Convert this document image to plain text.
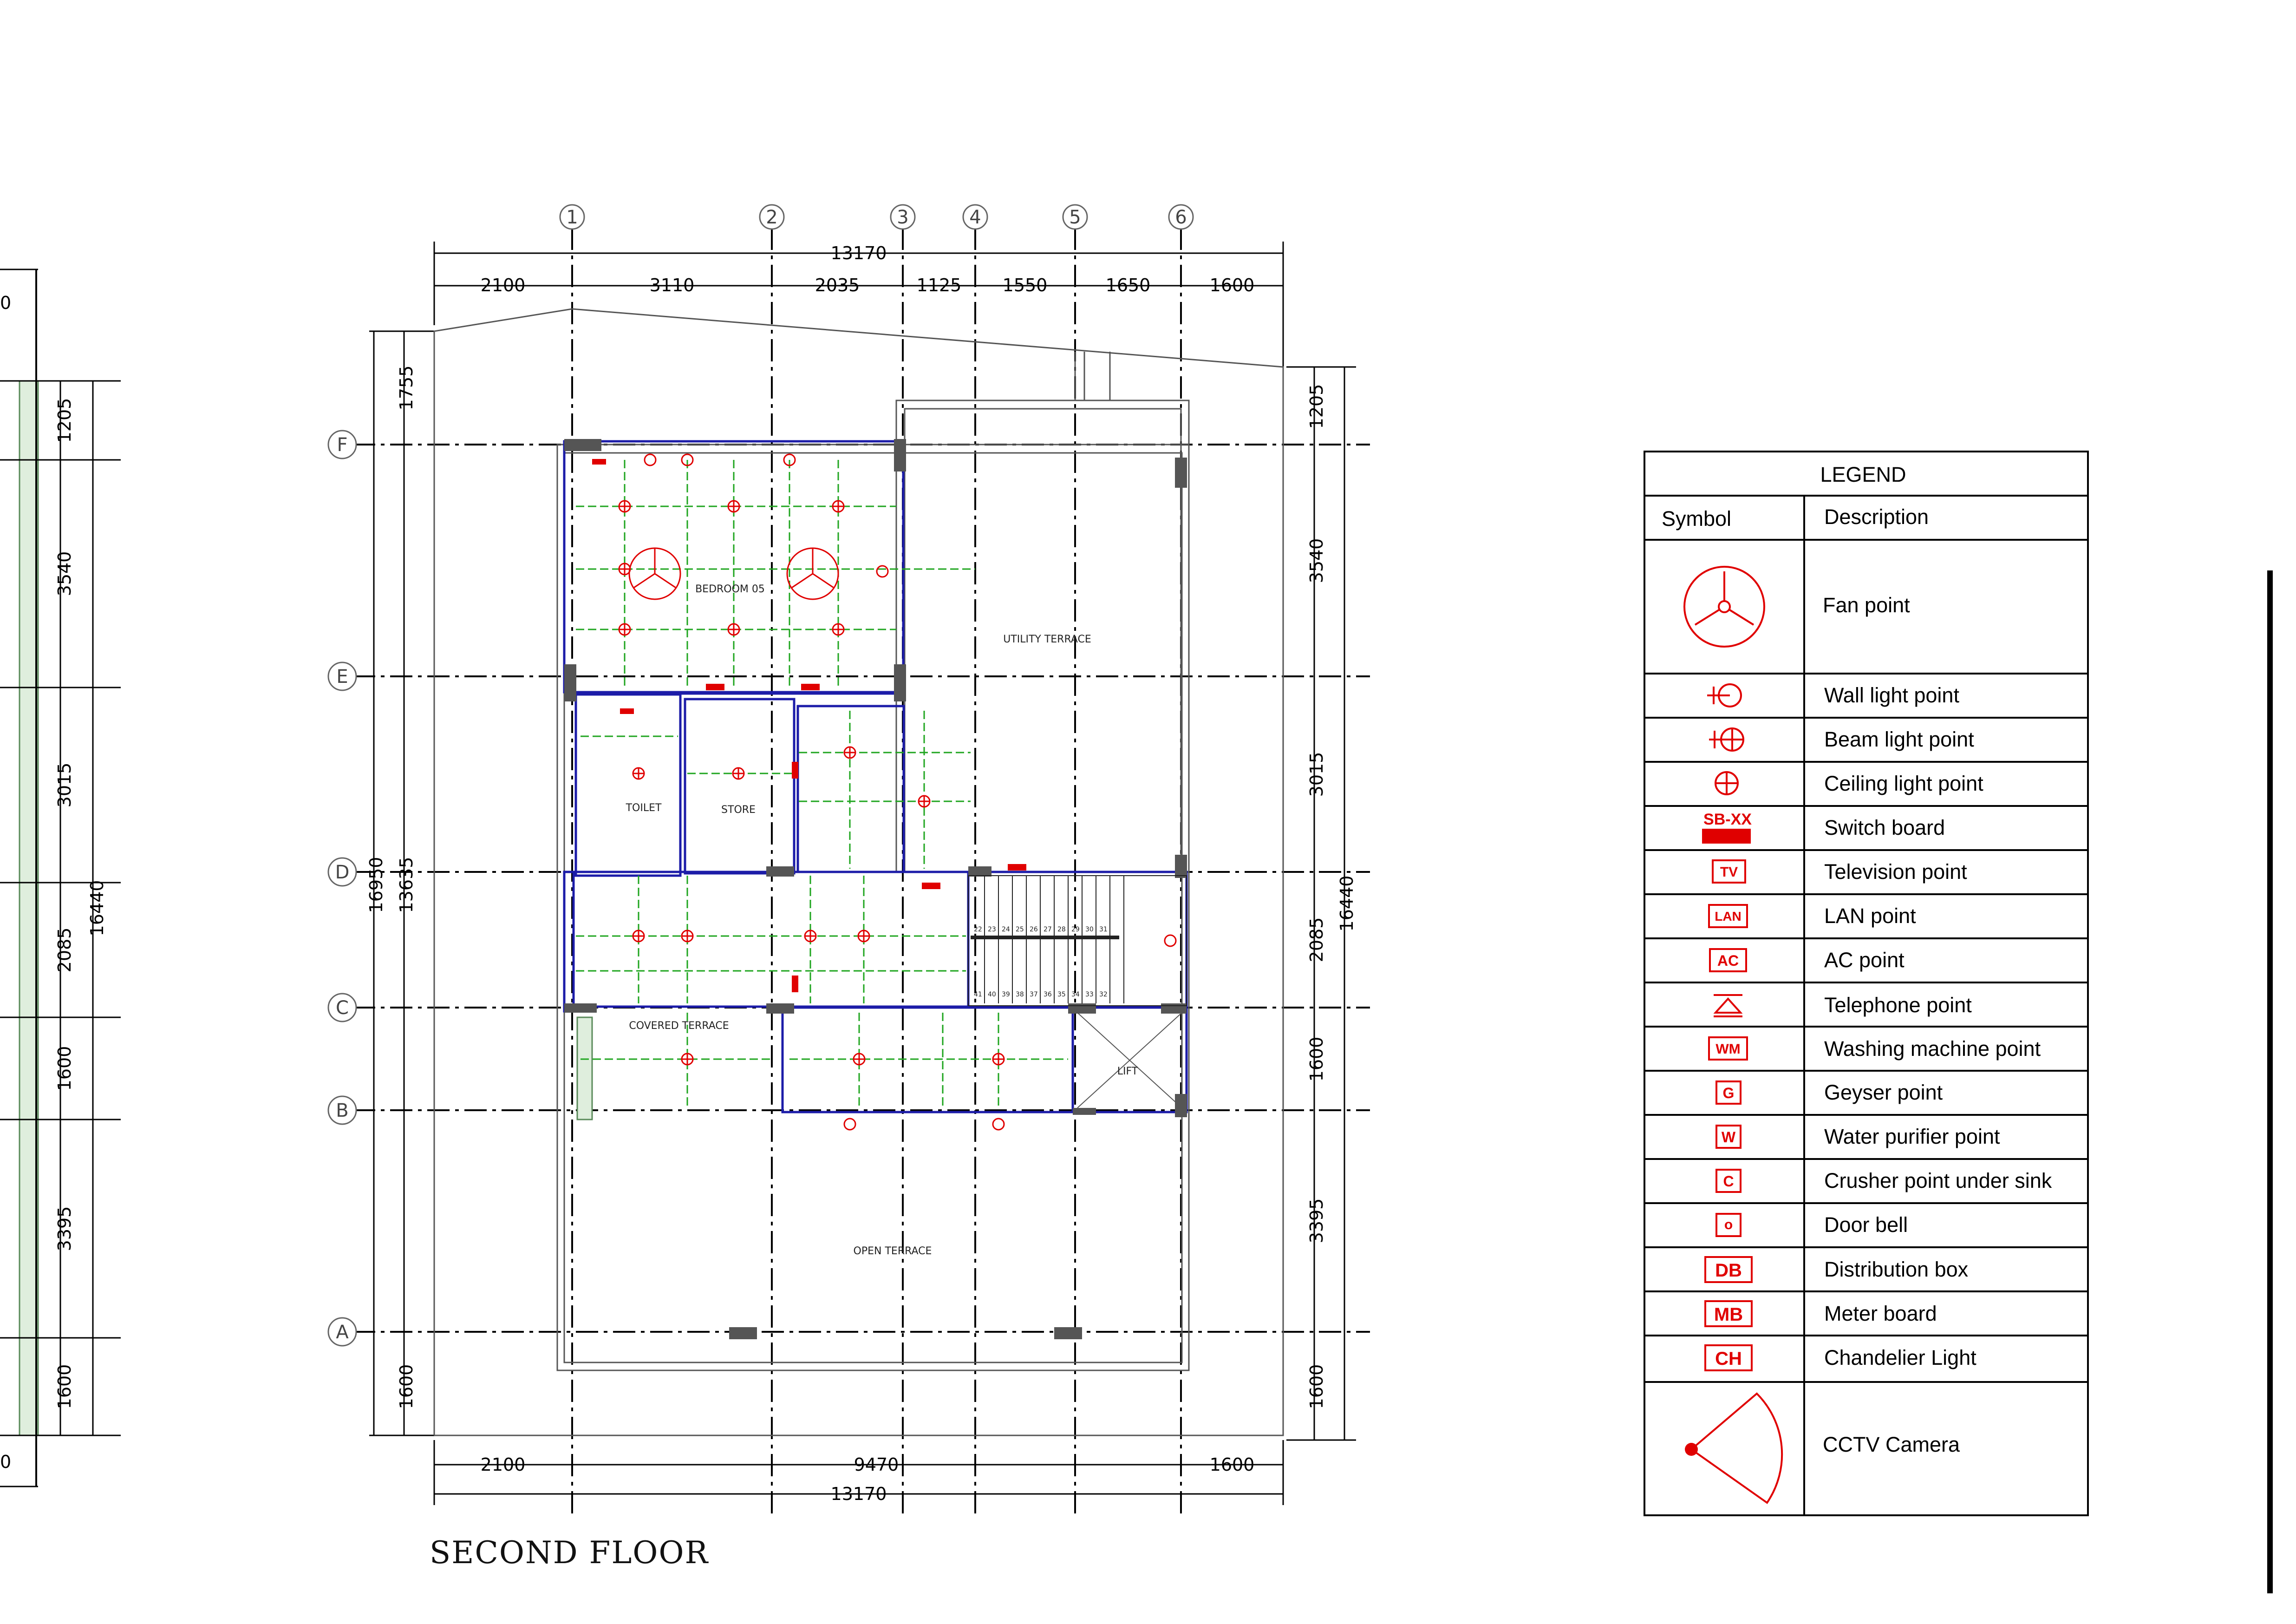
0
0
1205
3540
3015
2085
1600
3395
1600
16440
1	2	3	4	5	6
F
E
D
C
B
A
13170
2100	3110	2035	1125 1550	1650	1600
2100	9470	1600
13170
1755
16950 13635
1600
1205
3540
3015
2085
1600
3395
1600
16440
22 23 24 25 26 27 28 29 30 31
41 40 39 38 37 36 35 34 33 32
BEDROOM 05
UTILITY TERRACE
TOILET	STORE
COVERED TERRACE
LIFT
OPEN TERRACE
SECOND FLOOR
LEGEND
Symbol	Description
Fan point
Wall light point
Beam light point
Ceiling light point
SB-XX	Switch board
TV	Television point
LAN	LAN point
AC	AC point
Telephone point
WM	Washing machine point
G	Geyser point
W	Water purifier point
C	Crusher point under sink
o	Door bell
DB	Distribution box
MB	Meter board
CH	Chandelier Light
CCTV Camera
